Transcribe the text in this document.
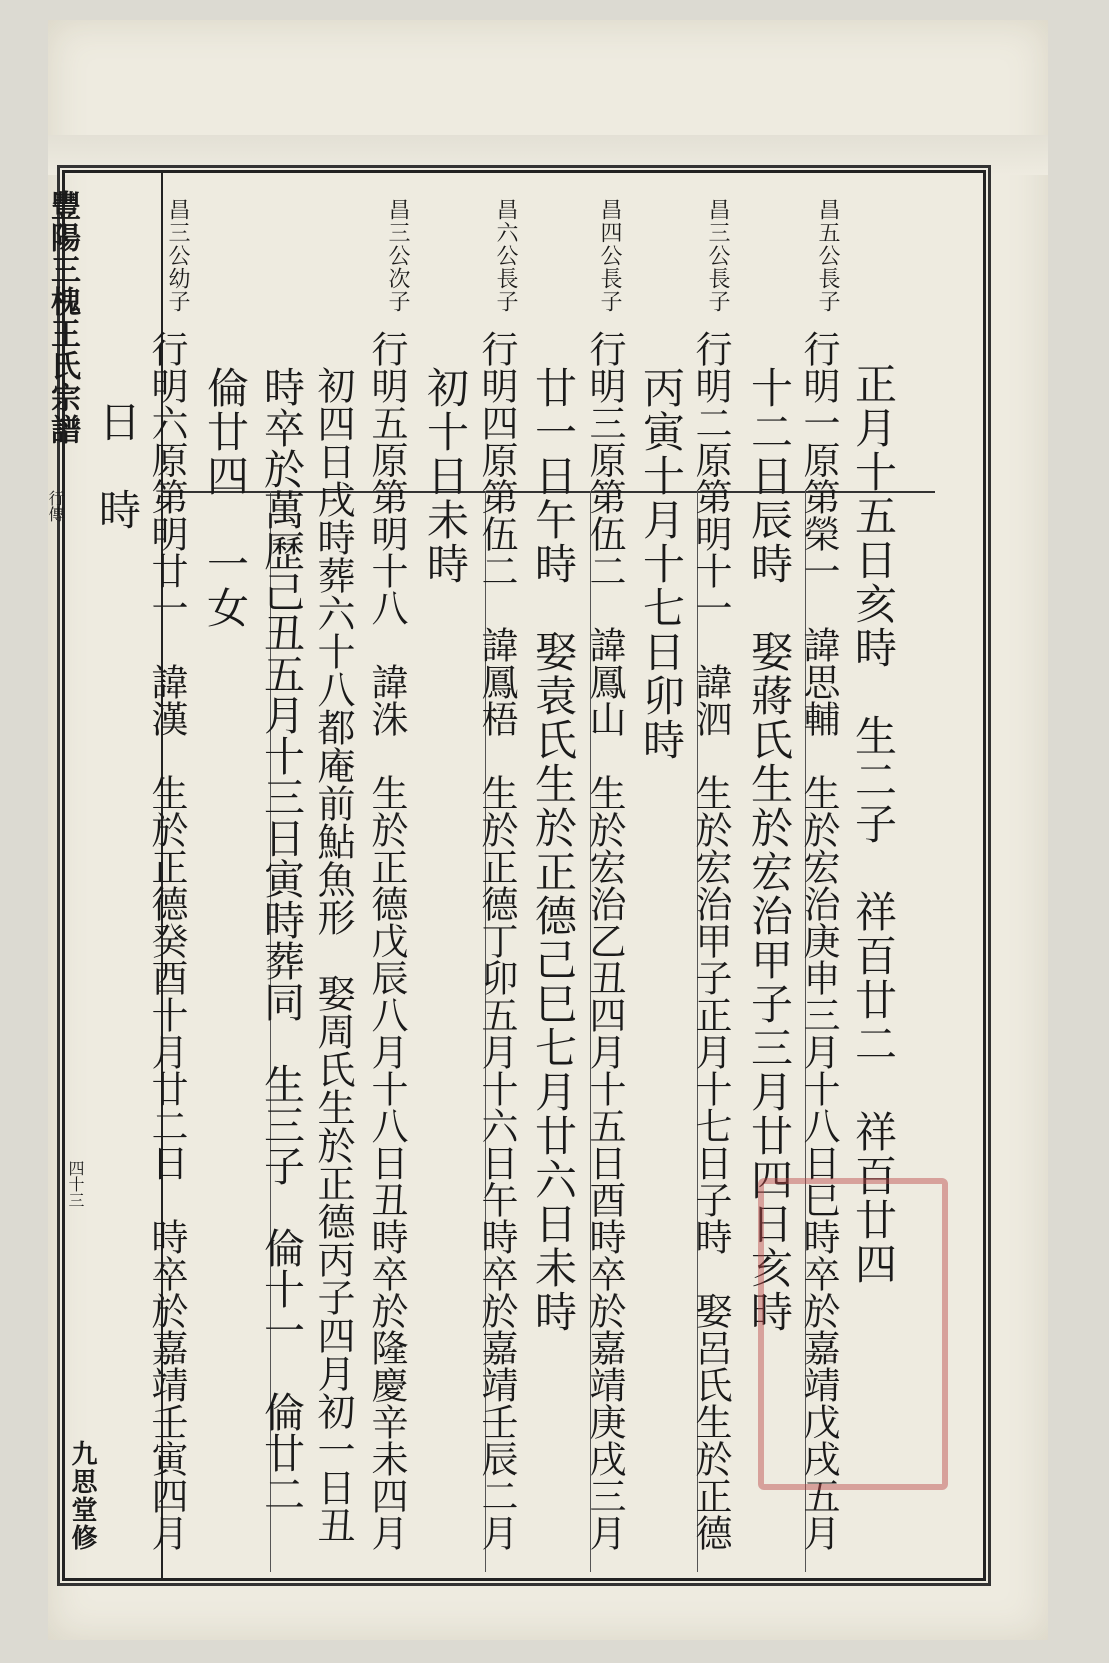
豐陽三槐王氏宗譜
行傳
四十三
九思堂修
昌五公長子
昌三公長子
昌四公長子
昌六公長子
昌三公次子
昌三公幼子
正月十五日亥時　生二子　祥百廿二　祥百廿四
行明一原第榮一　諱思輔　生於宏治庚申三月十八日巳時卒於嘉靖戊戌五月
十二日辰時　娶蔣氏生於宏治甲子三月廿四日亥時
行明二原第明十一　諱泗　生於宏治甲子正月十七日子時　娶呂氏生於正德
丙寅十月十七日卯時
行明三原第伍二　諱鳳山　生於宏治乙丑四月十五日酉時卒於嘉靖庚戌三月
廿一日午時　娶袁氏生於正德己巳七月廿六日未時
行明四原第伍二　諱鳳梧　生於正德丁卯五月十六日午時卒於嘉靖壬辰二月
初十日未時
行明五原第明十八　諱洙　生於正德戊辰八月十八日丑時卒於隆慶辛未四月
初四日戌時葬六十八都庵前鮎魚形　娶周氏生於正德丙子四月初一日丑
時卒於萬歷己丑五月十三日寅時葬同　生三子　倫十一　倫廿二
倫廿四　一女
行明六原第明廿一　諱漢　生於正德癸酉十月廿二日　時卒於嘉靖壬寅四月
日　時
